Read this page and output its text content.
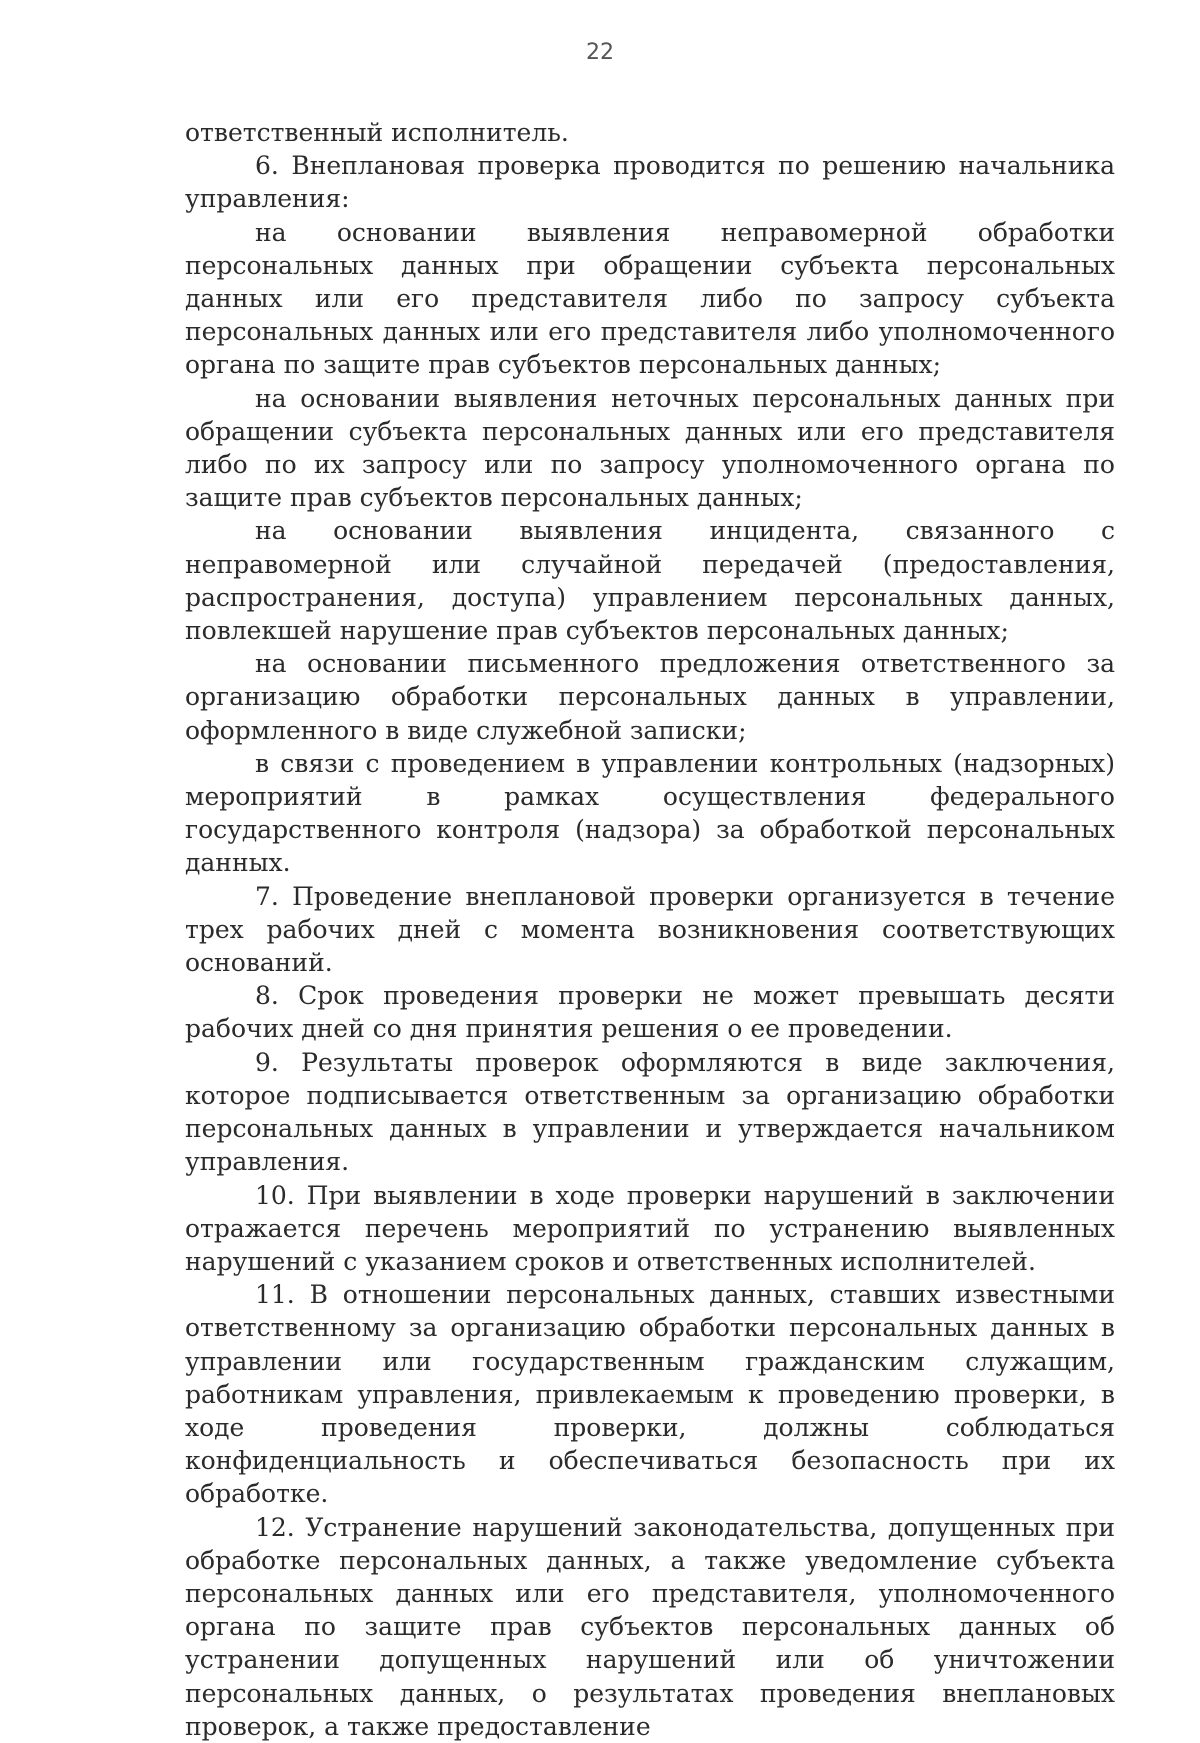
22

ответственный исполнитель.

6. Внеплановая проверка проводится по решению начальника управления:

на основании выявления неправомерной обработки персональных данных при обращении субъекта персональных данных или его представителя либо по запросу субъекта персональных данных или его представителя либо уполномоченного органа по защите прав субъектов персональных данных;

на основании выявления неточных персональных данных при обращении субъекта персональных данных или его представителя либо по их запросу или по запросу уполномоченного органа по защите прав субъектов персональных данных;

на основании выявления инцидента, связанного с неправомерной или случайной передачей (предоставления, распространения, доступа) управлением персональных данных, повлекшей нарушение прав субъектов персональных данных;

на основании письменного предложения ответственного за организацию обработки персональных данных в управлении, оформленного в виде служебной записки;

в связи с проведением в управлении контрольных (надзорных) мероприятий в рамках осуществления федерального государственного контроля (надзора) за обработкой персональных данных.

7. Проведение внеплановой проверки организуется в течение трех рабочих дней с момента возникновения соответствующих оснований.

8. Срок проведения проверки не может превышать десяти рабочих дней со дня принятия решения о ее проведении.

9. Результаты проверок оформляются в виде заключения, которое подписывается ответственным за организацию обработки персональных данных в управлении и утверждается начальником управления.

10. При выявлении в ходе проверки нарушений в заключении отражается перечень мероприятий по устранению выявленных нарушений с указанием сроков и ответственных исполнителей.

11. В отношении персональных данных, ставших известными ответственному за организацию обработки персональных данных в управлении или государственным гражданским служащим, работникам управления, привлекаемым к проведению проверки, в ходе проведения проверки, должны соблюдаться конфиденциальность и обеспечиваться безопасность при их обработке.

12. Устранение нарушений законодательства, допущенных при обработке персональных данных, а также уведомление субъекта персональных данных или его представителя, уполномоченного органа по защите прав субъектов персональных данных об устранении допущенных нарушений или об уничтожении персональных данных, о результатах проведения внеплановых проверок, а также предоставление
